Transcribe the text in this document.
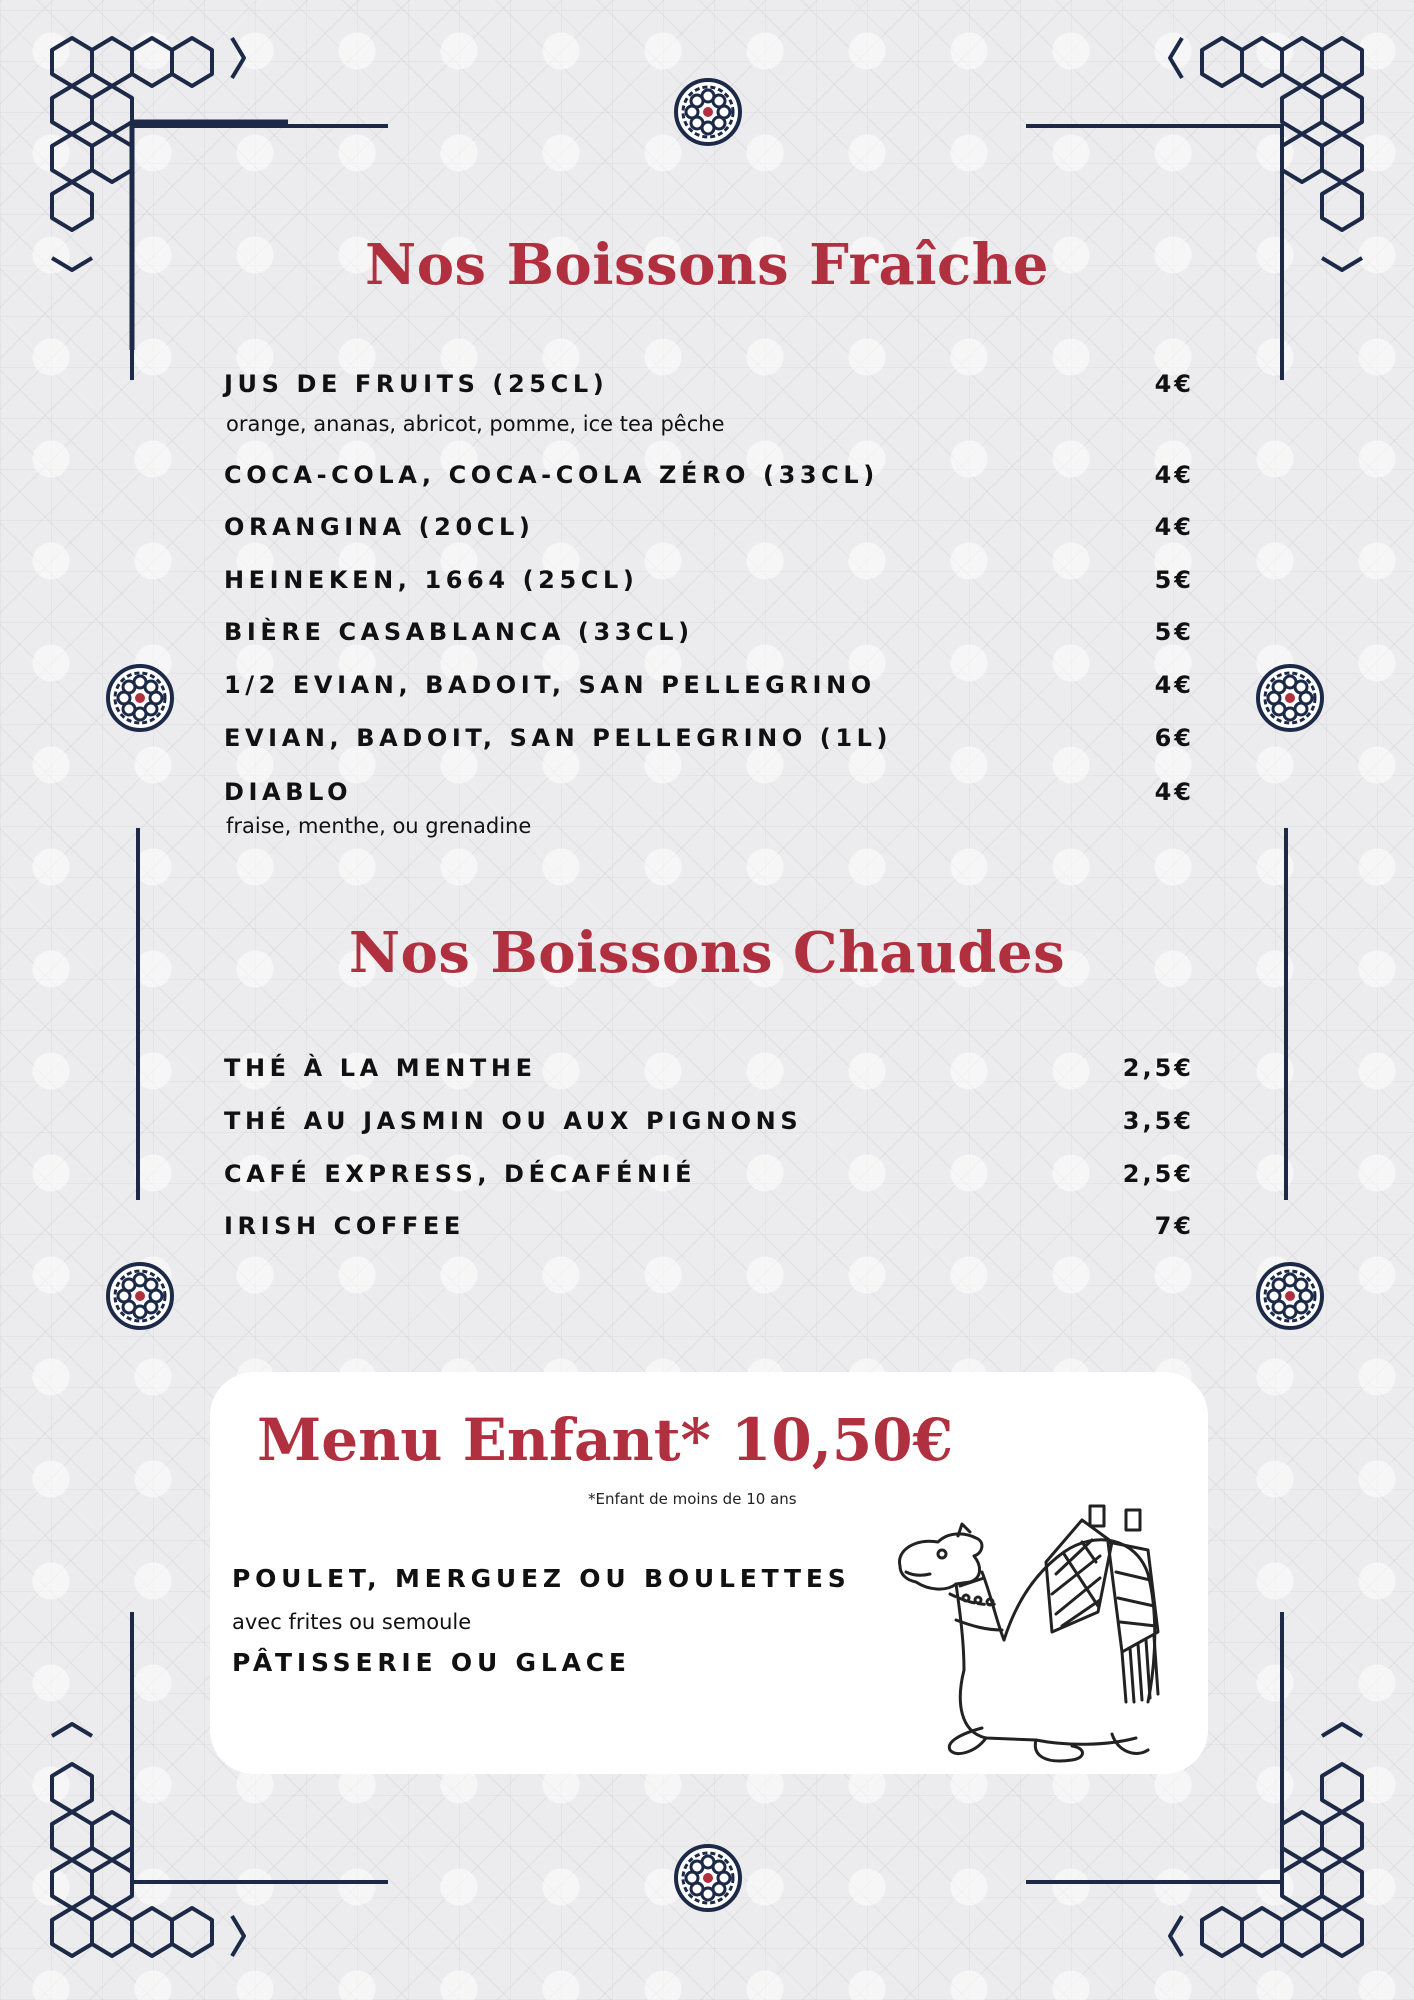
Nos Boissons Fraîche
JUS DE FRUITS (25CL)	4€
orange, ananas, abricot, pomme, ice tea pêche
COCA-COLA, COCA-COLA ZÉRO (33CL)	4€
ORANGINA (20CL)	4€
HEINEKEN, 1664 (25CL)	5€
BIÈRE CASABLANCA (33CL)	5€
1/2 EVIAN, BADOIT, SAN PELLEGRINO	4€
EVIAN, BADOIT, SAN PELLEGRINO (1L)	6€
DIABLO	4€
fraise, menthe, ou grenadine
Nos Boissons Chaudes
THÉ À LA MENTHE	2,5€
THÉ AU JASMIN OU AUX PIGNONS	3,5€
CAFÉ EXPRESS, DÉCAFÉNIÉ	2,5€
IRISH COFFEE	7€
Menu Enfant* 10,50€
*Enfant de moins de 10 ans
POULET, MERGUEZ OU BOULETTES
avec frites ou semoule
PÂTISSERIE OU GLACE
